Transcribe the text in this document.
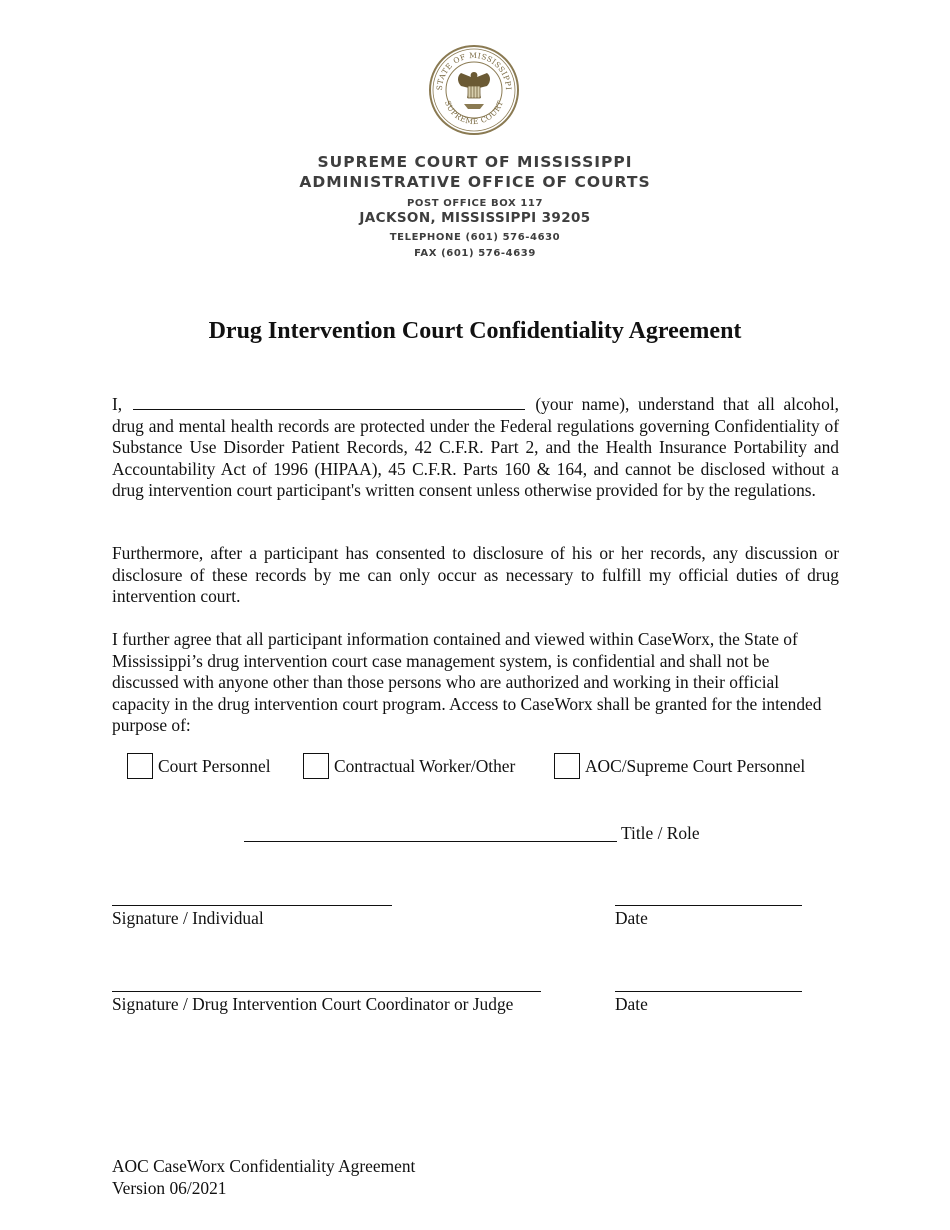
STATE OF MISSISSIPPI
SUPREME COURT
SUPREME COURT OF MISSISSIPPI
ADMINISTRATIVE OFFICE OF COURTS
POST OFFICE BOX 117
JACKSON, MISSISSIPPI 39205
TELEPHONE (601) 576-4630
FAX (601) 576-4639
Drug Intervention Court Confidentiality Agreement

I,	(your name), understand that all alcohol, drug and mental health records are protected under the Federal regulations governing Confidentiality of Substance Use Disorder Patient Records, 42 C.F.R. Part 2, and the Health Insurance Portability and Accountability Act of 1996 (HIPAA), 45 C.F.R. Parts 160 & 164, and cannot be disclosed without a drug intervention court participant's written consent unless otherwise provided for by the regulations.

Furthermore, after a participant has consented to disclosure of his or her records, any discussion or disclosure of these records by me can only occur as necessary to fulfill my official duties of drug intervention court.

I further agree that all participant information contained and viewed within CaseWorx, the State of Mississippi’s drug intervention court case management system, is confidential and shall not be discussed with anyone other than those persons who are authorized and working in their official capacity in the drug intervention court program. Access to CaseWorx shall be granted for the intended purpose of:

Court Personnel	Contractual Worker/Other	AOC/Supreme Court Personnel
Title / Role
Signature / Individual	Date
Signature / Drug Intervention Court Coordinator or Judge	Date
AOC CaseWorx Confidentiality Agreement
Version 06/2021
